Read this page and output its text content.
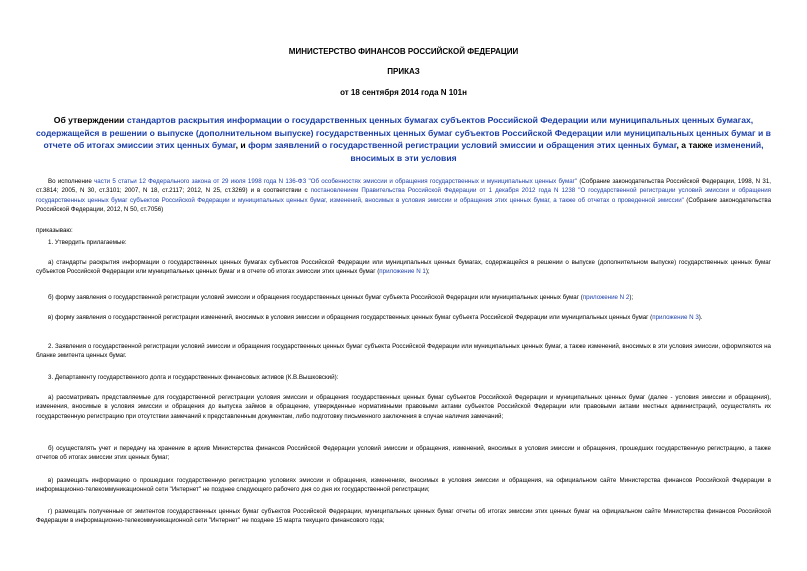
МИНИСТЕРСТВО ФИНАНСОВ РОССИЙСКОЙ ФЕДЕРАЦИИ
ПРИКАЗ
от 18 сентября 2014 года N 101н
Об утверждении стандартов раскрытия информации о государственных ценных бумагах субъектов Российской Федерации или муниципальных ценных бумагах, содержащейся в решении о выпуске (дополнительном выпуске) государственных ценных бумаг субъектов Российской Федерации или муниципальных ценных бумаг и в отчете об итогах эмиссии этих ценных бумаг, и форм заявлений о государственной регистрации условий эмиссии и обращения этих ценных бумаг, а также изменений, вносимых в эти условия
Во исполнение части 5 статьи 12 Федерального закона от 29 июля 1998 года N 136-ФЗ "Об особенностях эмиссии и обращения государственных и муниципальных ценных бумаг" (Собрание законодательства Российской Федерации, 1998, N 31, ст.3814; 2005, N 30, ст.3101; 2007, N 18, ст.2117; 2012, N 25, ст.3269) и в соответствии с постановлением Правительства Российской Федерации от 1 декабря 2012 года N 1238 "О государственной регистрации условий эмиссии и обращения государственных ценных бумаг субъектов Российской Федерации и муниципальных ценных бумаг, изменений, вносимых в условия эмиссии и обращения этих ценных бумаг, а также об отчетах о проведенной эмиссии" (Собрание законодательства Российской Федерации, 2012, N 50, ст.7056)
приказываю:
1. Утвердить прилагаемые:
а) стандарты раскрытия информации о государственных ценных бумагах субъектов Российской Федерации или муниципальных ценных бумагах, содержащейся в решении о выпуске (дополнительном выпуске) государственных ценных бумаг субъектов Российской Федерации или муниципальных ценных бумаг и в отчете об итогах эмиссии этих ценных бумаг (приложение N 1);
б) форму заявления о государственной регистрации условий эмиссии и обращения государственных ценных бумаг субъекта Российской Федерации или муниципальных ценных бумаг (приложение N 2);
в) форму заявления о государственной регистрации изменений, вносимых в условия эмиссии и обращения государственных ценных бумаг субъекта Российской Федерации или муниципальных ценных бумаг (приложение N 3).
2. Заявления о государственной регистрации условий эмиссии и обращения государственных ценных бумаг субъекта Российской Федерации или муниципальных ценных бумаг, а также изменений, вносимых в эти условия эмиссии, оформляются на бланке эмитента ценных бумаг.
3. Департаменту государственного долга и государственных финансовых активов (К.В.Вышковский):
а) рассматривать представляемые для государственной регистрации условия эмиссии и обращения государственных ценных бумаг субъектов Российской Федерации и муниципальных ценных бумаг (далее - условия эмиссии и обращения), изменения, вносимые в условия эмиссии и обращения до выпуска займов в обращение, утвержденные нормативными правовыми актами субъектов Российской Федерации или правовыми актами местных администраций, осуществлять их государственную регистрацию при отсутствии замечаний к представленным документам, либо подготовку письменного заключения в случае наличия замечаний;
б) осуществлять учет и передачу на хранение в архив Министерства финансов Российской Федерации условий эмиссии и обращения, изменений, вносимых в условия эмиссии и обращения, прошедших государственную регистрацию, а также отчетов об итогах эмиссии этих ценных бумаг;
в) размещать информацию о прошедших государственную регистрацию условиях эмиссии и обращения, изменениях, вносимых в условия эмиссии и обращения, на официальном сайте Министерства финансов Российской Федерации в информационно-телекоммуникационной сети "Интернет" не позднее следующего рабочего дня со дня их государственной регистрации;
г) размещать полученные от эмитентов государственных ценных бумаг субъектов Российской Федерации, муниципальных ценных бумаг отчеты об итогах эмиссии этих ценных бумаг на официальном сайте Министерства финансов Российской Федерации в информационно-телекоммуникационной сети "Интернет" не позднее 15 марта текущего финансового года;
